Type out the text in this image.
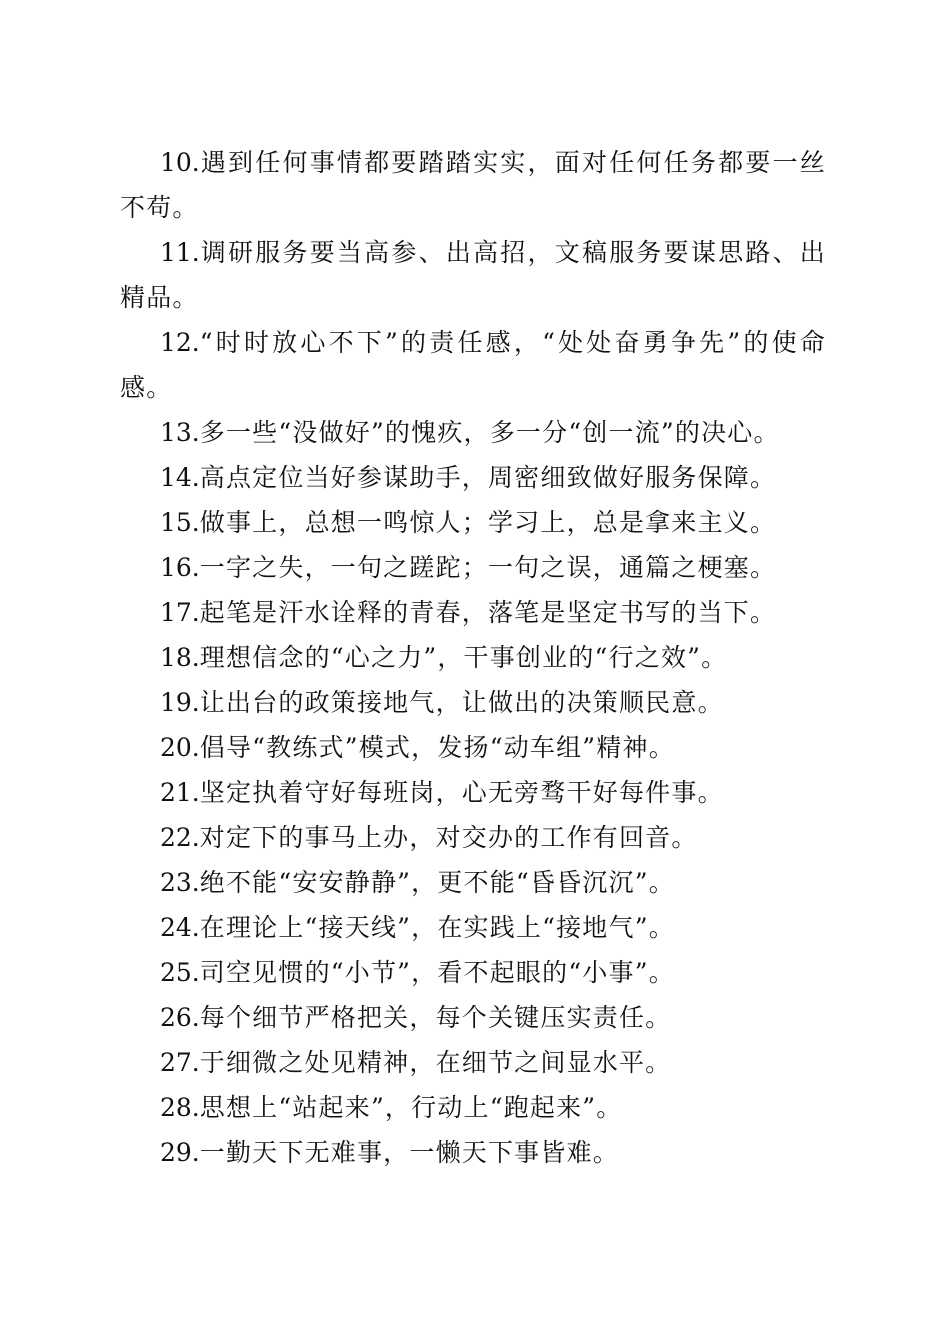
10.遇到任何事情都要踏踏实实，面对任何任务都要一丝不苟。

11.调研服务要当高参、出高招，文稿服务要谋思路、出精品。

12.“时时放心不下”的责任感，“处处奋勇争先”的使命感。

13.多一些“没做好”的愧疚，多一分“创一流”的决心。

14.高点定位当好参谋助手，周密细致做好服务保障。

15.做事上，总想一鸣惊人；学习上，总是拿来主义。

16.一字之失，一句之蹉跎；一句之误，通篇之梗塞。

17.起笔是汗水诠释的青春，落笔是坚定书写的当下。

18.理想信念的“心之力”，干事创业的“行之效”。

19.让出台的政策接地气，让做出的决策顺民意。

20.倡导“教练式”模式，发扬“动车组”精神。

21.坚定执着守好每班岗，心无旁骛干好每件事。

22.对定下的事马上办，对交办的工作有回音。

23.绝不能“安安静静”，更不能“昏昏沉沉”。

24.在理论上“接天线”，在实践上“接地气”。

25.司空见惯的“小节”，看不起眼的“小事”。

26.每个细节严格把关，每个关键压实责任。

27.于细微之处见精神，在细节之间显水平。

28.思想上“站起来”，行动上“跑起来”。

29.一勤天下无难事，一懒天下事皆难。
